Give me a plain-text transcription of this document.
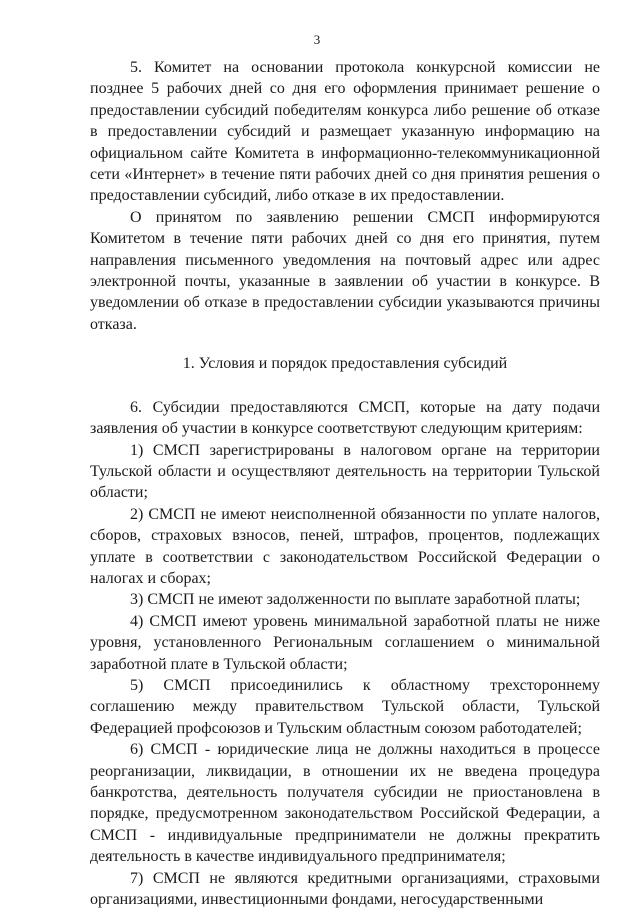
3

5. Комитет на основании протокола конкурсной комиссии не позднее 5 рабочих дней со дня его оформления принимает решение о предоставлении субсидий победителям конкурса либо решение об отказе в предоставлении субсидий и размещает указанную информацию на официальном сайте Комитета в информационно-телекоммуникационной сети «Интернет» в течение пяти рабочих дней со дня принятия решения о предоставлении субсидий, либо отказе в их предоставлении.

О принятом по заявлению решении СМСП информируются Комитетом в течение пяти рабочих дней со дня его принятия, путем направления письменного уведомления на почтовый адрес или адрес электронной почты, указанные в заявлении об участии в конкурсе. В уведомлении об отказе в предоставлении субсидии указываются причины отказа.

1. Условия и порядок предоставления субсидий

6. Субсидии предоставляются СМСП, которые на дату подачи заявления об участии в конкурсе соответствуют следующим критериям:

1) СМСП зарегистрированы в налоговом органе на территории Тульской области и осуществляют деятельность на территории Тульской области;

2) СМСП не имеют неисполненной обязанности по уплате налогов, сборов, страховых взносов, пеней, штрафов, процентов, подлежащих уплате в соответствии с законодательством Российской Федерации о налогах и сборах;

3) СМСП не имеют задолженности по выплате заработной платы;

4) СМСП имеют уровень минимальной заработной платы не ниже уровня, установленного Региональным соглашением о минимальной заработной плате в Тульской области;

5) СМСП присоединились к областному трехстороннему соглашению между правительством Тульской области, Тульской Федерацией профсоюзов и Тульским областным союзом работодателей;

6) СМСП - юридические лица не должны находиться в процессе реорганизации, ликвидации, в отношении их не введена процедура банкротства, деятельность получателя субсидии не приостановлена в порядке, предусмотренном законодательством Российской Федерации, а СМСП - индивидуальные предприниматели не должны прекратить деятельность в качестве индивидуального предпринимателя;

7) СМСП не являются кредитными организациями, страховыми организациями, инвестиционными фондами, негосударственными
